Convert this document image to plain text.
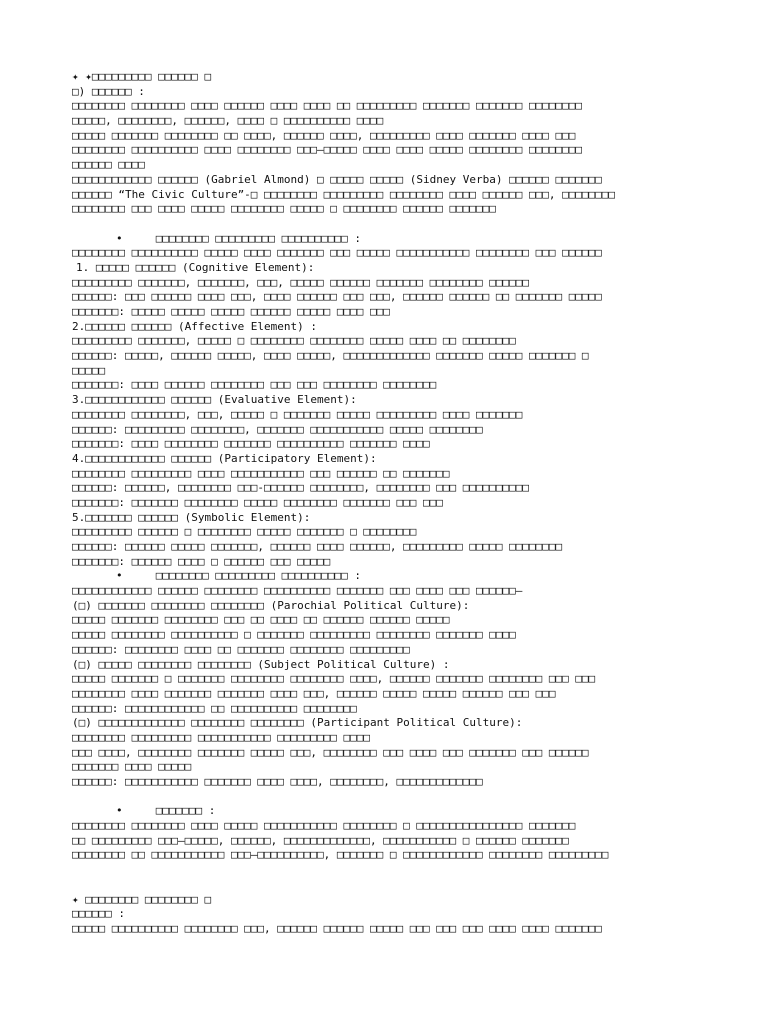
✦ ✦□□□□□□□□□ □□□□□□ □
□) □□□□□□ :
□□□□□□□□ □□□□□□□□ □□□□ □□□□□□ □□□□ □□□□ □□ □□□□□□□□□ □□□□□□□ □□□□□□□ □□□□□□□□
□□□□□, □□□□□□□□, □□□□□□, □□□□ □ □□□□□□□□□□ □□□□
□□□□□ □□□□□□□ □□□□□□□□ □□ □□□□, □□□□□□ □□□□, □□□□□□□□□ □□□□ □□□□□□□ □□□□ □□□
□□□□□□□□ □□□□□□□□□□ □□□□ □□□□□□□□ □□□—□□□□□ □□□□ □□□□ □□□□□ □□□□□□□□ □□□□□□□□
□□□□□□ □□□□
□□□□□□□□□□□□ □□□□□□ (Gabriel Almond) □ □□□□□ □□□□□ (Sidney Verba) □□□□□□ □□□□□□□
□□□□□□ “The Civic Culture”-□ □□□□□□□□ □□□□□□□□□ □□□□□□□□ □□□□ □□□□□□ □□□, □□□□□□□□
□□□□□□□□ □□□ □□□□ □□□□□ □□□□□□□□ □□□□□ □ □□□□□□□□ □□□□□□ □□□□□□□
•     □□□□□□□□ □□□□□□□□□ □□□□□□□□□□ :
□□□□□□□□ □□□□□□□□□□ □□□□□ □□□□ □□□□□□□ □□□ □□□□□ □□□□□□□□□□□ □□□□□□□□ □□□ □□□□□□
1. □□□□□ □□□□□□ (Cognitive Element):
□□□□□□□□□ □□□□□□□, □□□□□□□, □□□, □□□□□ □□□□□□ □□□□□□□ □□□□□□□□ □□□□□□
□□□□□□: □□□ □□□□□□ □□□□ □□□, □□□□ □□□□□□ □□□ □□□, □□□□□□ □□□□□□ □□ □□□□□□□ □□□□□
□□□□□□□: □□□□□ □□□□□ □□□□□ □□□□□□ □□□□□ □□□□ □□□
2.□□□□□□ □□□□□□ (Affective Element) :
□□□□□□□□□ □□□□□□□, □□□□□ □ □□□□□□□□ □□□□□□□□ □□□□□ □□□□ □□ □□□□□□□□
□□□□□□: □□□□□, □□□□□□ □□□□□, □□□□ □□□□□, □□□□□□□□□□□□□ □□□□□□□ □□□□□ □□□□□□□ □
□□□□□
□□□□□□□: □□□□ □□□□□□ □□□□□□□□ □□□ □□□ □□□□□□□□ □□□□□□□□
3.□□□□□□□□□□□□ □□□□□□ (Evaluative Element):
□□□□□□□□ □□□□□□□□, □□□, □□□□□ □ □□□□□□□ □□□□□ □□□□□□□□□ □□□□ □□□□□□□
□□□□□□: □□□□□□□□□ □□□□□□□□, □□□□□□□ □□□□□□□□□□□ □□□□□ □□□□□□□□
□□□□□□□: □□□□ □□□□□□□□ □□□□□□□ □□□□□□□□□□ □□□□□□□ □□□□
4.□□□□□□□□□□□□ □□□□□□ (Participatory Element):
□□□□□□□□ □□□□□□□□□ □□□□ □□□□□□□□□□□ □□□ □□□□□□ □□ □□□□□□□
□□□□□□: □□□□□□, □□□□□□□□ □□□-□□□□□□ □□□□□□□□, □□□□□□□□ □□□ □□□□□□□□□□
□□□□□□□: □□□□□□□ □□□□□□□□ □□□□□ □□□□□□□□ □□□□□□□ □□□ □□□
5.□□□□□□□ □□□□□□ (Symbolic Element):
□□□□□□□□□ □□□□□□ □ □□□□□□□□ □□□□□ □□□□□□□ □ □□□□□□□□
□□□□□□: □□□□□□ □□□□□ □□□□□□□, □□□□□□ □□□□ □□□□□□, □□□□□□□□□ □□□□□ □□□□□□□□
□□□□□□□: □□□□□□ □□□□ □ □□□□□□ □□□ □□□□□
•     □□□□□□□□ □□□□□□□□□ □□□□□□□□□□ :
□□□□□□□□□□□□ □□□□□□ □□□□□□□□ □□□□□□□□□□ □□□□□□□ □□□ □□□□ □□□ □□□□□□—
(□) □□□□□□□ □□□□□□□□ □□□□□□□□ (Parochial Political Culture):
□□□□□ □□□□□□□ □□□□□□□□ □□□ □□ □□□□ □□ □□□□□□ □□□□□□ □□□□□
□□□□□ □□□□□□□□ □□□□□□□□□□ □ □□□□□□□ □□□□□□□□□ □□□□□□□□ □□□□□□□ □□□□
□□□□□□: □□□□□□□□ □□□□ □□ □□□□□□□ □□□□□□□□ □□□□□□□□□
(□) □□□□□ □□□□□□□□ □□□□□□□□ (Subject Political Culture) :
□□□□□ □□□□□□□ □ □□□□□□□ □□□□□□□□ □□□□□□□□ □□□□, □□□□□□ □□□□□□□ □□□□□□□□ □□□ □□□
□□□□□□□□ □□□□ □□□□□□□ □□□□□□□ □□□□ □□□, □□□□□□ □□□□□ □□□□□ □□□□□□ □□□ □□□
□□□□□□: □□□□□□□□□□□□ □□ □□□□□□□□□□ □□□□□□□□
(□) □□□□□□□□□□□□□ □□□□□□□□ □□□□□□□□ (Participant Political Culture):
□□□□□□□□ □□□□□□□□□ □□□□□□□□□□□ □□□□□□□□□ □□□□
□□□ □□□□, □□□□□□□□ □□□□□□□ □□□□□ □□□, □□□□□□□□ □□□ □□□□ □□□ □□□□□□□ □□□ □□□□□□
□□□□□□□ □□□□ □□□□□
□□□□□□: □□□□□□□□□□□ □□□□□□□ □□□□ □□□□, □□□□□□□□, □□□□□□□□□□□□□
•     □□□□□□□ :
□□□□□□□□ □□□□□□□□ □□□□ □□□□□ □□□□□□□□□□□ □□□□□□□□ □ □□□□□□□□□□□□□□□□ □□□□□□□
□□ □□□□□□□□□ □□□—□□□□□, □□□□□□, □□□□□□□□□□□□□, □□□□□□□□□□□ □ □□□□□□ □□□□□□□
□□□□□□□□ □□ □□□□□□□□□□□ □□□—□□□□□□□□□□, □□□□□□□ □ □□□□□□□□□□□□ □□□□□□□□ □□□□□□□□□
✦ □□□□□□□□ □□□□□□□□ □
□□□□□□ :
□□□□□ □□□□□□□□□□ □□□□□□□□ □□□, □□□□□□ □□□□□□ □□□□□ □□□ □□□ □□□ □□□□ □□□□ □□□□□□□
